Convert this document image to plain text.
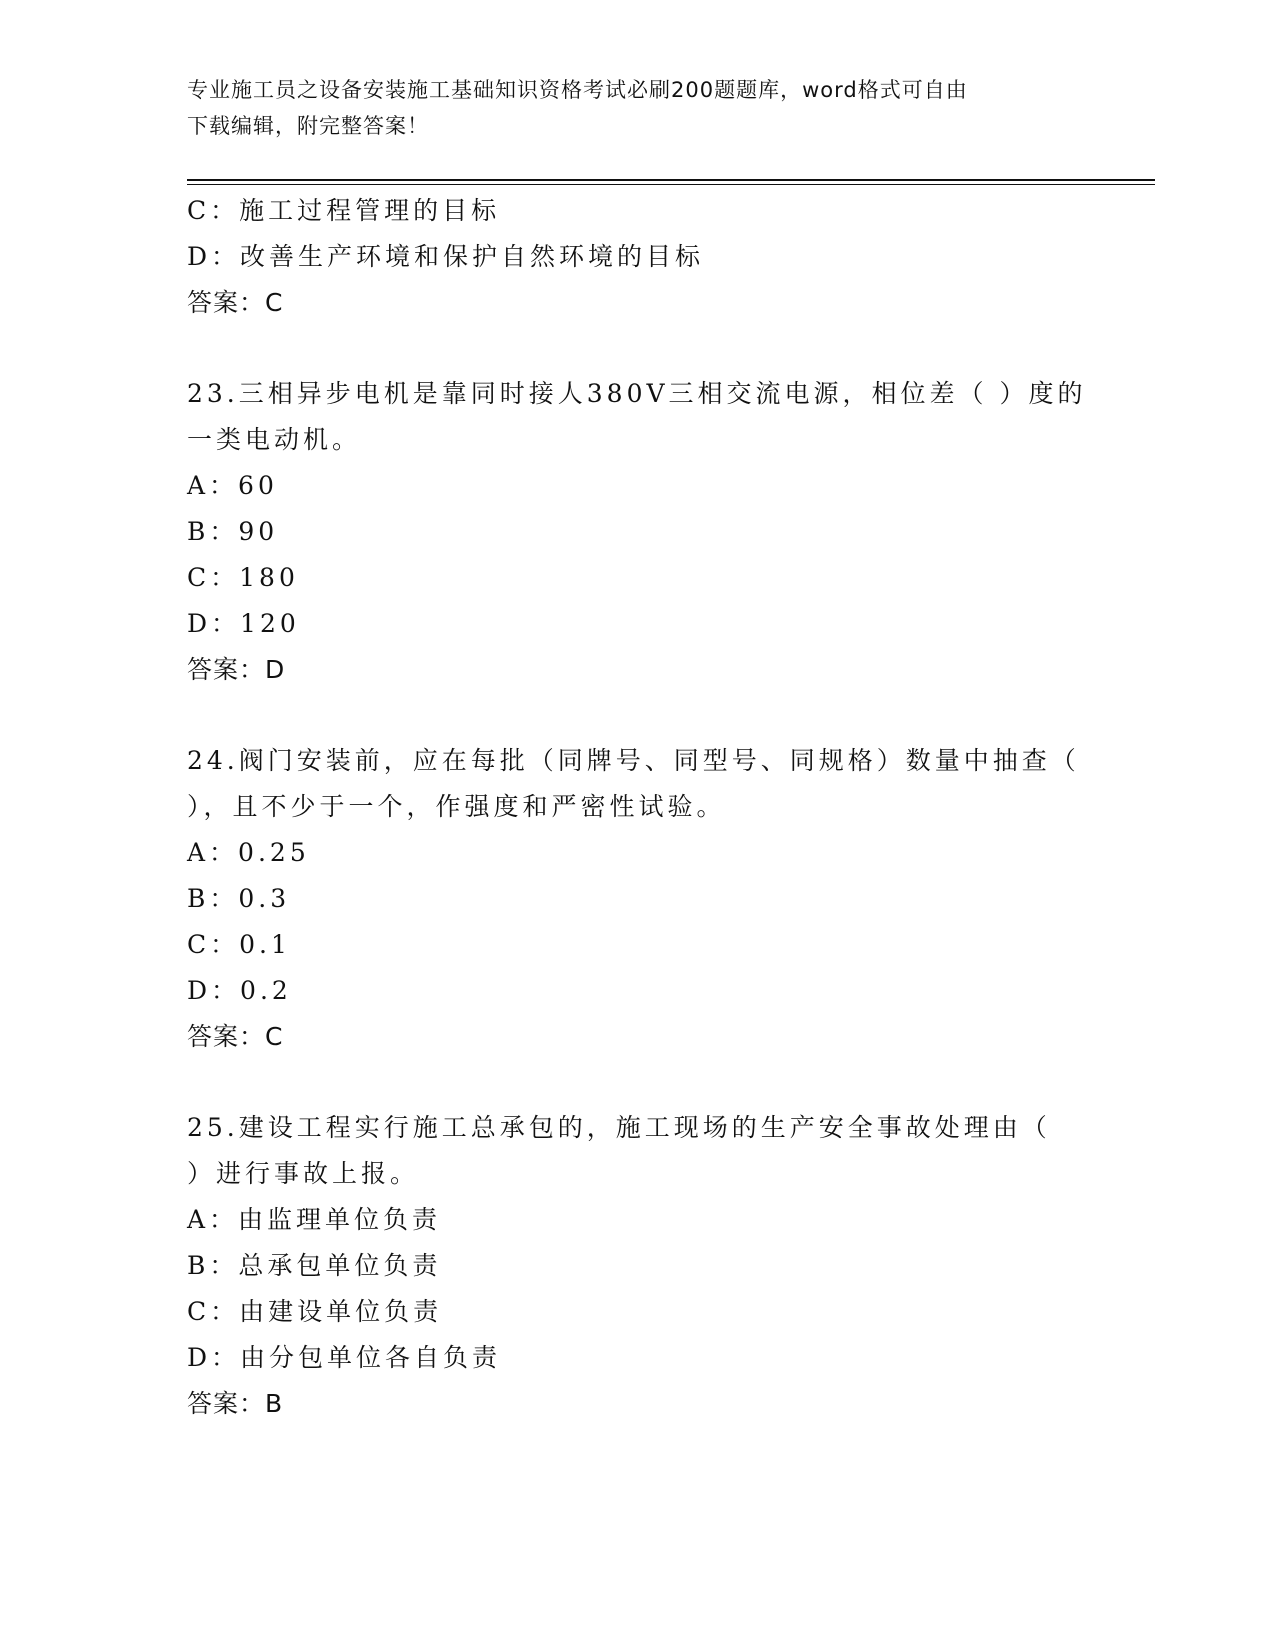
专业施工员之设备安装施工基础知识资格考试必刷200题题库，word格式可自由
下载编辑，附完整答案！
C：施工过程管理的目标
D：改善生产环境和保护自然环境的目标
答案：C
23.三相异步电机是靠同时接人380V三相交流电源，相位差（ ）度的
一类电动机。
A：60
B：90
C：180
D：120
答案：D
24.阀门安装前，应在每批（同牌号、同型号、同规格）数量中抽查（
），且不少于一个，作强度和严密性试验。
A：0.25
B：0.3
C：0.1
D：0.2
答案：C
25.建设工程实行施工总承包的，施工现场的生产安全事故处理由（
）进行事故上报。
A：由监理单位负责
B：总承包单位负责
C：由建设单位负责
D：由分包单位各自负责
答案：B
